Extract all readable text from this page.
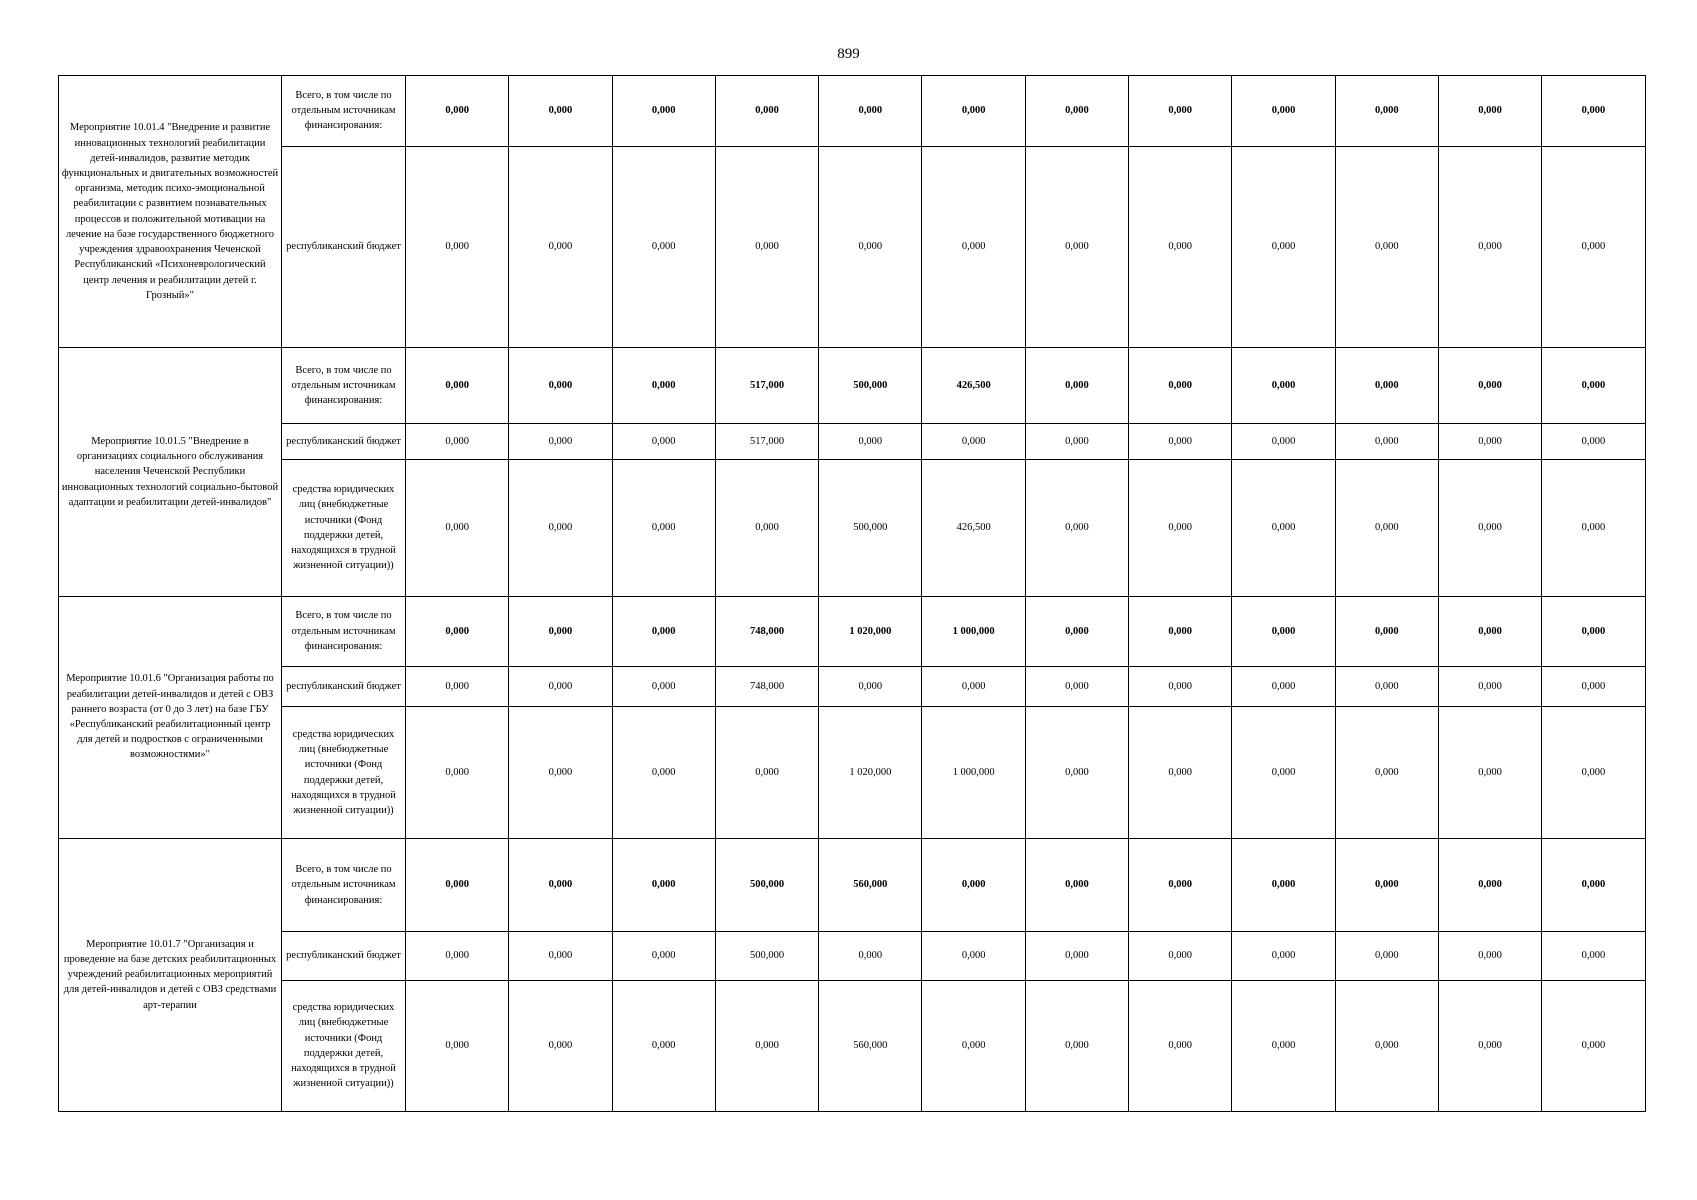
899
Мероприятие 10.01.4 "Внедрение и развитие инновационных технологий реабилитации детей-инвалидов, развитие методик функциональных и двигательных возможностей организма, методик психо-эмоциональной реабилитации с развитием познавательных процессов и положительной мотивации на лечение на базе государственного бюджетного учреждения здравоохранения Чеченской Республиканский «Психоневрологический центр лечения и реабилитации детей г. Грозный»"	Всего, в том числе по отдельным источникам финансирования:	0,000	0,000	0,000	0,000	0,000	0,000	0,000	0,000	0,000	0,000	0,000	0,000
	республиканский бюджет	0,000	0,000	0,000	0,000	0,000	0,000	0,000	0,000	0,000	0,000	0,000	0,000
Мероприятие 10.01.5 "Внедрение в организациях социального обслуживания населения Чеченской Республики инновационных технологий социально-бытовой адаптации и реабилитации детей-инвалидов"	Всего, в том числе по отдельным источникам финансирования:	0,000	0,000	0,000	517,000	500,000	426,500	0,000	0,000	0,000	0,000	0,000	0,000
	республиканский бюджет	0,000	0,000	0,000	517,000	0,000	0,000	0,000	0,000	0,000	0,000	0,000	0,000
	средства юридических лиц (внебюджетные источники (Фонд поддержки детей, находящихся в трудной жизненной ситуации))	0,000	0,000	0,000	0,000	500,000	426,500	0,000	0,000	0,000	0,000	0,000	0,000
Мероприятие 10.01.6 "Организация работы по реабилитации детей-инвалидов и детей с ОВЗ раннего возраста (от 0 до 3 лет) на базе ГБУ «Республиканский реабилитационный центр для детей и подростков с ограниченными возможностями»"	Всего, в том числе по отдельным источникам финансирования:	0,000	0,000	0,000	748,000	1 020,000	1 000,000	0,000	0,000	0,000	0,000	0,000	0,000
	республиканский бюджет	0,000	0,000	0,000	748,000	0,000	0,000	0,000	0,000	0,000	0,000	0,000	0,000
	средства юридических лиц (внебюджетные источники (Фонд поддержки детей, находящихся в трудной жизненной ситуации))	0,000	0,000	0,000	0,000	1 020,000	1 000,000	0,000	0,000	0,000	0,000	0,000	0,000
Мероприятие 10.01.7 "Организация и проведение на базе детских реабилитационных учреждений реабилитационных мероприятий для детей-инвалидов и детей с ОВЗ средствами арт-терапии	Всего, в том числе по отдельным источникам финансирования:	0,000	0,000	0,000	500,000	560,000	0,000	0,000	0,000	0,000	0,000	0,000	0,000
	республиканский бюджет	0,000	0,000	0,000	500,000	0,000	0,000	0,000	0,000	0,000	0,000	0,000	0,000
	средства юридических лиц (внебюджетные источники (Фонд поддержки детей, находящихся в трудной жизненной ситуации))	0,000	0,000	0,000	0,000	560,000	0,000	0,000	0,000	0,000	0,000	0,000	0,000
